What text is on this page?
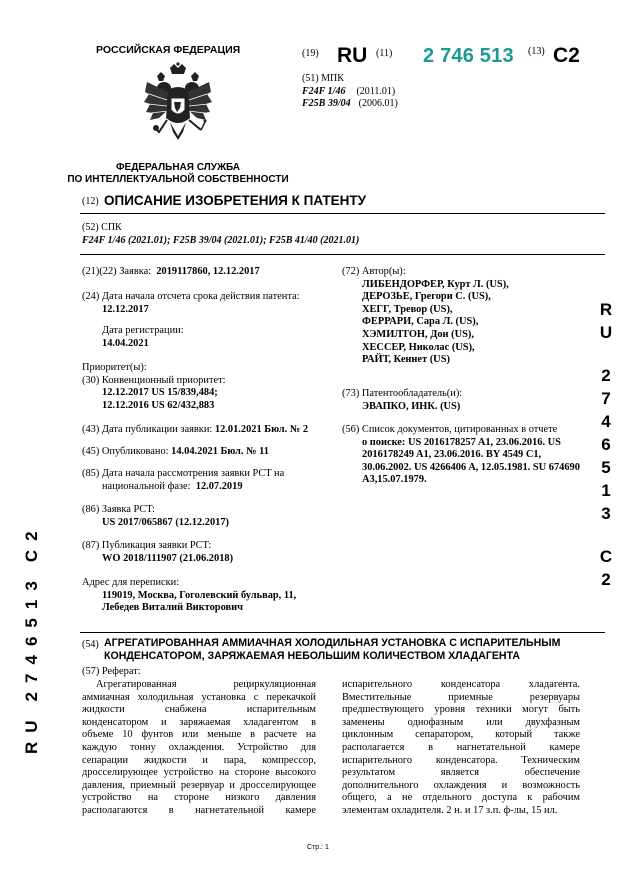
РОССИЙСКАЯ ФЕДЕРАЦИЯ
ФЕДЕРАЛЬНАЯ СЛУЖБА
ПО ИНТЕЛЛЕКТУАЛЬНОЙ СОБСТВЕННОСТИ
(19) RU (11) 2 746 513 (13) C2
(51) МПК
F24F 1/46 (2011.01)
F25B 39/04 (2006.01)
(12) ОПИСАНИЕ ИЗОБРЕТЕНИЯ К ПАТЕНТУ
(52) СПК
F24F 1/46 (2021.01); F25B 39/04 (2021.01); F25B 41/40 (2021.01)
(21)(22) Заявка: 2019117860, 12.12.2017
(24) Дата начала отсчета срока действия патента:
12.12.2017
Дата регистрации:
14.04.2021
Приоритет(ы):
(30) Конвенционный приоритет:
12.12.2017 US 15/839,484;
12.12.2016 US 62/432,883
(43) Дата публикации заявки: 12.01.2021 Бюл. № 2
(45) Опубликовано: 14.04.2021 Бюл. № 11
(85) Дата начала рассмотрения заявки PCT на
национальной фазе: 12.07.2019
(86) Заявка PCT:
US 2017/065867 (12.12.2017)
(87) Публикация заявки PCT:
WO 2018/111907 (21.06.2018)
Адрес для переписки:
119019, Москва, Гоголевский бульвар, 11,
Лебедев Виталий Викторович
(72) Автор(ы):
ЛИБЕНДОРФЕР, Курт Л. (US),
ДЕРОЗЬЕ, Грегори С. (US),
ХЕГГ, Тревор (US),
ФЕРРАРИ, Сара Л. (US),
ХЭМИЛТОН, Дон (US),
ХЕССЕР, Николас (US),
РАЙТ, Кеннет (US)
(73) Патентообладатель(и):
ЭВАПКО, ИНК. (US)
(56) Список документов, цитированных в отчете
о поиске: US 2016178257 A1, 23.06.2016. US
2016178249 A1, 23.06.2016. BY 4549 C1,
30.06.2002. US 4266406 A, 12.05.1981. SU 674690
A3,15.07.1979.
(54) АГРЕГАТИРОВАННАЯ АММИАЧНАЯ ХОЛОДИЛЬНАЯ УСТАНОВКА С ИСПАРИТЕЛЬНЫМ
КОНДЕНСАТОРОМ, ЗАРЯЖАЕМАЯ НЕБОЛЬШИМ КОЛИЧЕСТВОМ ХЛАДАГЕНТА
(57) Реферат:
Агрегатированная рециркуляционная
аммиачная холодильная установка с перекачкой
жидкости снабжена испарительным
конденсатором и заряжаемая хладагентом в
объеме 10 фунтов или меньше в расчете на
каждую тонну охлаждения. Устройство для
сепарации жидкости и пара, компрессор,
дросселирующее устройство на стороне высокого
давления, приемный резервуар и дросселирующее
устройство на стороне низкого давления
располагаются в нагнетательной камере
испарительного конденсатора хладагента.
Вместительные приемные резервуары
предшествующего уровня техники могут быть
заменены однофазным или двухфазным
циклонным сепаратором, который также
располагается в нагнетательной камере
испарительного конденсатора. Техническим
результатом является обеспечение
дополнительного охлаждения и возможность
общего, а не отдельного доступа к рабочим
элементам охладителя. 2 н. и 17 з.п. ф-лы, 15 ил.
Стр.: 1
R
U
2
7
4
6
5
1
3
C
2
RU2746513C2
